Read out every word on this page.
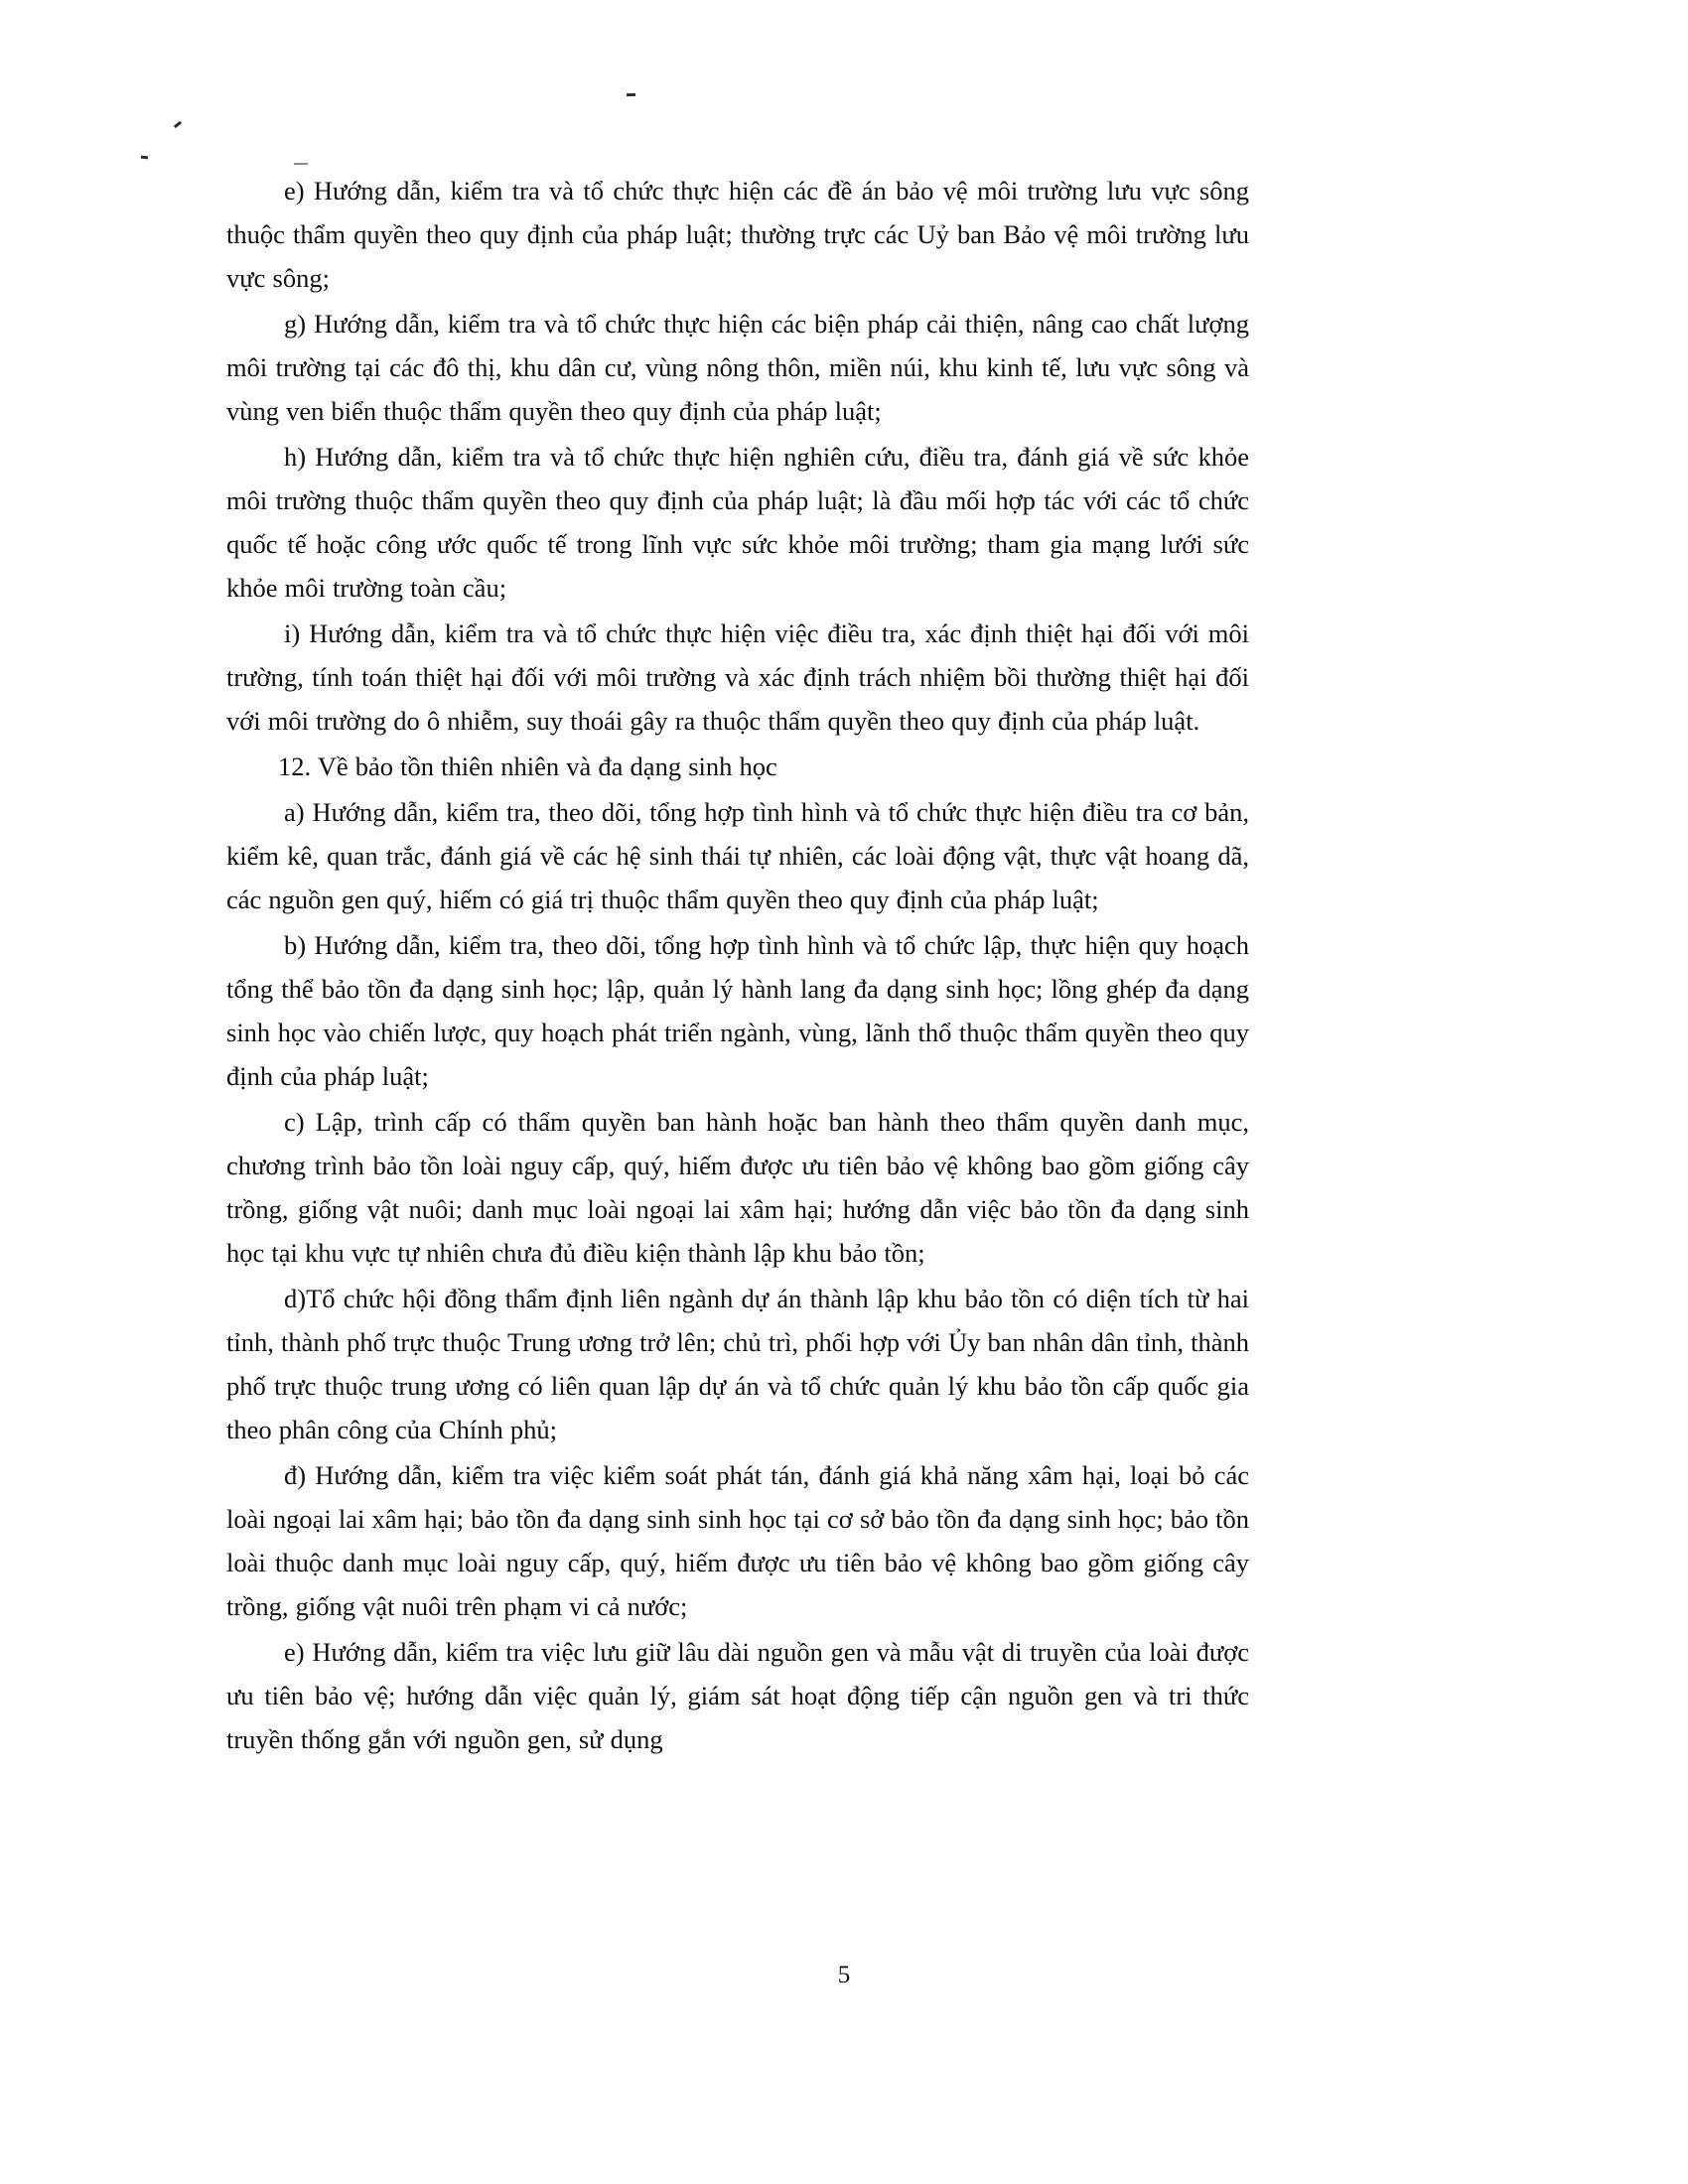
e) Hướng dẫn, kiểm tra và tổ chức thực hiện các đề án bảo vệ môi trường lưu vực sông thuộc thẩm quyền theo quy định của pháp luật; thường trực các Uỷ ban Bảo vệ môi trường lưu vực sông;

g) Hướng dẫn, kiểm tra và tổ chức thực hiện các biện pháp cải thiện, nâng cao chất lượng môi trường tại các đô thị, khu dân cư, vùng nông thôn, miền núi, khu kinh tế, lưu vực sông và vùng ven biển thuộc thẩm quyền theo quy định của pháp luật;

h) Hướng dẫn, kiểm tra và tổ chức thực hiện nghiên cứu, điều tra, đánh giá về sức khỏe môi trường thuộc thẩm quyền theo quy định của pháp luật; là đầu mối hợp tác với các tổ chức quốc tế hoặc công ước quốc tế trong lĩnh vực sức khỏe môi trường; tham gia mạng lưới sức khỏe môi trường toàn cầu;

i) Hướng dẫn, kiểm tra và tổ chức thực hiện việc điều tra, xác định thiệt hại đối với môi trường, tính toán thiệt hại đối với môi trường và xác định trách nhiệm bồi thường thiệt hại đối với môi trường do ô nhiễm, suy thoái gây ra thuộc thẩm quyền theo quy định của pháp luật.

12. Về bảo tồn thiên nhiên và đa dạng sinh học

a) Hướng dẫn, kiểm tra, theo dõi, tổng hợp tình hình và tổ chức thực hiện điều tra cơ bản, kiểm kê, quan trắc, đánh giá về các hệ sinh thái tự nhiên, các loài động vật, thực vật hoang dã, các nguồn gen quý, hiếm có giá trị thuộc thẩm quyền theo quy định của pháp luật;

b) Hướng dẫn, kiểm tra, theo dõi, tổng hợp tình hình và tổ chức lập, thực hiện quy hoạch tổng thể bảo tồn đa dạng sinh học; lập, quản lý hành lang đa dạng sinh học; lồng ghép đa dạng sinh học vào chiến lược, quy hoạch phát triển ngành, vùng, lãnh thổ thuộc thẩm quyền theo quy định của pháp luật;

c) Lập, trình cấp có thẩm quyền ban hành hoặc ban hành theo thẩm quyền danh mục, chương trình bảo tồn loài nguy cấp, quý, hiếm được ưu tiên bảo vệ không bao gồm giống cây trồng, giống vật nuôi; danh mục loài ngoại lai xâm hại; hướng dẫn việc bảo tồn đa dạng sinh học tại khu vực tự nhiên chưa đủ điều kiện thành lập khu bảo tồn;

d)Tổ chức hội đồng thẩm định liên ngành dự án thành lập khu bảo tồn có diện tích từ hai tỉnh, thành phố trực thuộc Trung ương trở lên; chủ trì, phối hợp với Ủy ban nhân dân tỉnh, thành phố trực thuộc trung ương có liên quan lập dự án và tổ chức quản lý khu bảo tồn cấp quốc gia theo phân công của Chính phủ;

đ) Hướng dẫn, kiểm tra việc kiểm soát phát tán, đánh giá khả năng xâm hại, loại bỏ các loài ngoại lai xâm hại; bảo tồn đa dạng sinh sinh học tại cơ sở bảo tồn đa dạng sinh học; bảo tồn loài thuộc danh mục loài nguy cấp, quý, hiếm được ưu tiên bảo vệ không bao gồm giống cây trồng, giống vật nuôi trên phạm vi cả nước;

e) Hướng dẫn, kiểm tra việc lưu giữ lâu dài nguồn gen và mẫu vật di truyền của loài được ưu tiên bảo vệ; hướng dẫn việc quản lý, giám sát hoạt động tiếp cận nguồn gen và tri thức truyền thống gắn với nguồn gen, sử dụng

5
